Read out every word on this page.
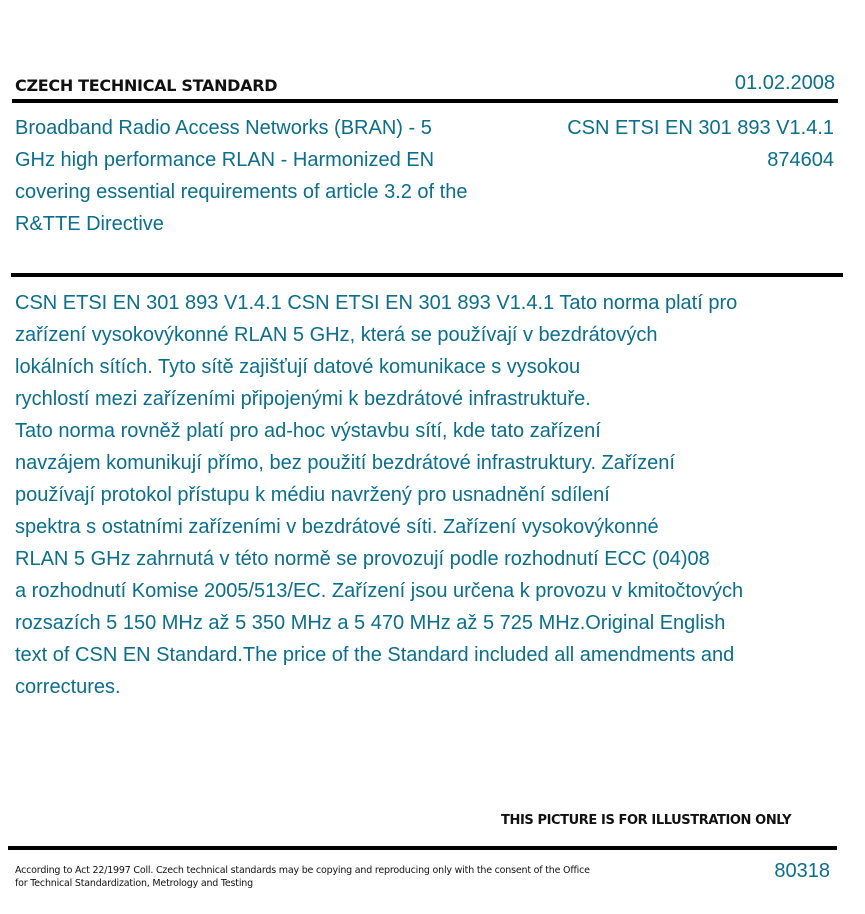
CZECH TECHNICAL STANDARD	01.02.2008
Broadband Radio Access Networks (BRAN) - 5 GHz high performance RLAN - Harmonized EN covering essential requirements of article 3.2 of the R&TTE Directive
CSN ETSI EN 301 893 V1.4.1
874604
CSN ETSI EN 301 893 V1.4.1 CSN ETSI EN 301 893 V1.4.1 Tato norma platí pro
zařízení vysokovýkonné RLAN 5 GHz, která se používají v bezdrátových
lokálních sítích. Tyto sítě zajišťují datové komunikace s vysokou
rychlostí mezi zařízeními připojenými k bezdrátové infrastruktuře.
Tato norma rovněž platí pro ad-hoc výstavbu sítí, kde tato zařízení
navzájem komunikují přímo, bez použití bezdrátové infrastruktury. Zařízení
používají protokol přístupu k médiu navržený pro usnadnění sdílení
spektra s ostatními zařízeními v bezdrátové síti. Zařízení vysokovýkonné
RLAN 5 GHz zahrnutá v této normě se provozují podle rozhodnutí ECC (04)08
a rozhodnutí Komise 2005/513/EC. Zařízení jsou určena k provozu v kmitočtových
rozsazích 5 150 MHz až 5 350 MHz a 5 470 MHz až 5 725 MHz.Original English
text of CSN EN Standard.The price of the Standard included all amendments and
correctures.
THIS PICTURE IS FOR ILLUSTRATION ONLY
According to Act 22/1997 Coll. Czech technical standards may be copying and reproducing only with the consent of the Office
for Technical Standardization, Metrology and Testing
80318
